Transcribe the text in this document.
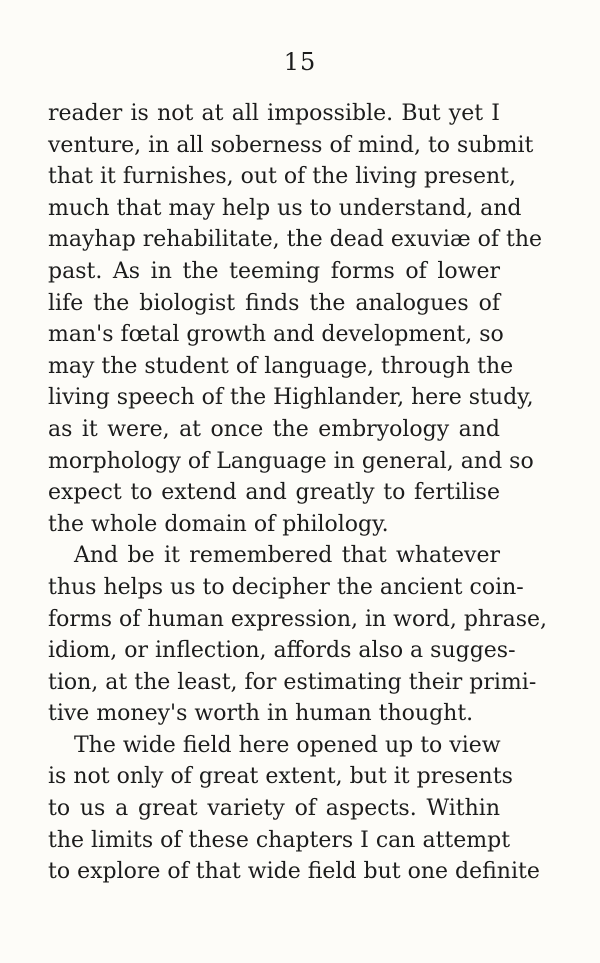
15
reader is not at all impossible. But yet I
venture, in all soberness of mind, to submit
that it furnishes, out of the living present,
much that may help us to understand, and
mayhap rehabilitate, the dead exuviæ of the
past. As in the teeming forms of lower
life the biologist finds the analogues of
man's fœtal growth and development, so
may the student of language, through the
living speech of the Highlander, here study,
as it were, at once the embryology and
morphology of Language in general, and so
expect to extend and greatly to fertilise
the whole domain of philology.
And be it remembered that whatever
thus helps us to decipher the ancient coin-
forms of human expression, in word, phrase,
idiom, or inflection, affords also a sugges-
tion, at the least, for estimating their primi-
tive money's worth in human thought.
The wide field here opened up to view
is not only of great extent, but it presents
to us a great variety of aspects. Within
the limits of these chapters I can attempt
to explore of that wide field but one definite
